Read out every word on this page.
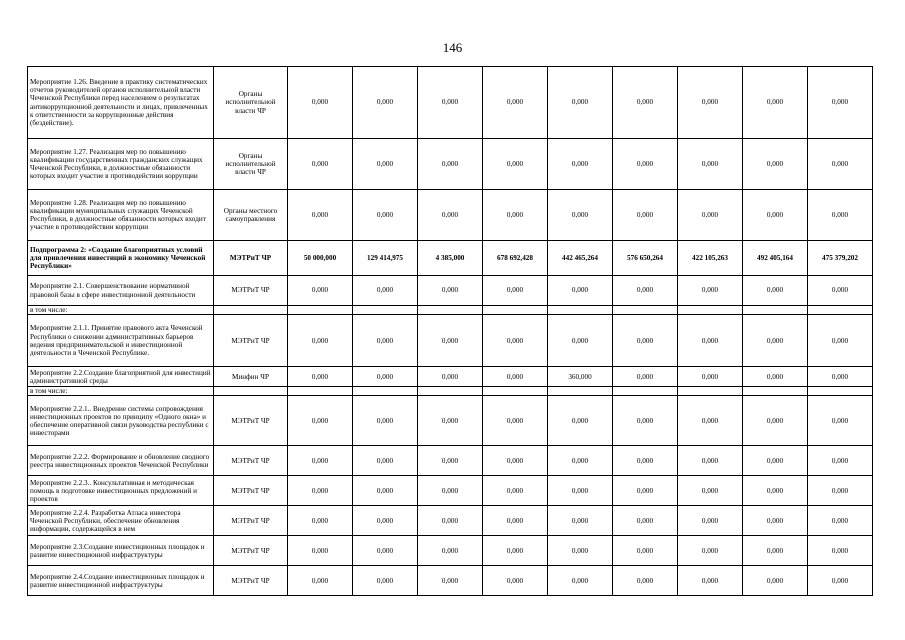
146
Мероприятие 1.26. Введение в практику систематических отчетов руководителей органов исполнительной власти Чеченской Республики перед населением о результатах антикоррупционной деятельности и лицах, привлеченных к ответственности за коррупционные действия (бездействие).	Органы исполнительной власти ЧР	0,000	0,000	0,000	0,000	0,000	0,000	0,000	0,000	0,000
Мероприятие 1.27. Реализация мер по повышению квалификации государственных гражданских служащих Чеченской Республики, в должностные обязанности которых входит участие в противодействии коррупции	Органы исполнительной власти ЧР	0,000	0,000	0,000	0,000	0,000	0,000	0,000	0,000	0,000
Мероприятие 1.28. Реализация мер по повышению квалификации муниципальных служащих Чеченской Республики, в должностные обязанности которых входит участие в противодействии коррупции	Органы местного самоуправления	0,000	0,000	0,000	0,000	0,000	0,000	0,000	0,000	0,000
Подпрограмма 2: «Создание благоприятных условий для привлечения инвестиций в экономику Чеченской Республики»	МЭТРиТ ЧР	50 000,000	129 414,975	4 385,000	678 692,428	442 465,264	576 650,264	422 105,263	492 405,164	475 379,202
Мероприятие 2.1. Совершенствование нормативной правовой базы в сфере инвестиционной деятельности	МЭТРиТ ЧР	0,000	0,000	0,000	0,000	0,000	0,000	0,000	0,000	0,000
в том числе:										
Мероприятие 2.1.1. Принятие правового акта Чеченской Республики о снижении административных барьеров ведения предпринимательской и инвестиционной деятельности в Чеченской Республике.	МЭТРиТ ЧР	0,000	0,000	0,000	0,000	0,000	0,000	0,000	0,000	0,000
Мероприятие 2.2.Создание благоприятной для инвестиций административной среды	Минфин ЧР	0,000	0,000	0,000	0,000	360,000	0,000	0,000	0,000	0,000
в том числе:										
Мероприятие 2.2.1.. Внедрение системы сопровождения инвестиционных проектов по принципу «Одного окна» и обеспечение оперативной связи руководства республики с инвесторами	МЭТРиТ ЧР	0,000	0,000	0,000	0,000	0,000	0,000	0,000	0,000	0,000
Мероприятие 2.2.2. Формирование и обновление сводного реестра инвестиционных проектов Чеченской Республики	МЭТРиТ ЧР	0,000	0,000	0,000	0,000	0,000	0,000	0,000	0,000	0,000
Мероприятие 2.2.3.. Консультативная и методическая помощь в подготовке инвестиционных предложений и проектов	МЭТРиТ ЧР	0,000	0,000	0,000	0,000	0,000	0,000	0,000	0,000	0,000
Мероприятие 2.2.4. Разработка Атласа инвестора Чеченской Республики, обеспечение обновления информации, содержащейся в нем	МЭТРиТ ЧР	0,000	0,000	0,000	0,000	0,000	0,000	0,000	0,000	0,000
Мероприятие 2.3.Создание инвестиционных площадок и развитие инвестиционной инфраструктуры	МЭТРиТ ЧР	0,000	0,000	0,000	0,000	0,000	0,000	0,000	0,000	0,000
Мероприятие 2.4.Создание инвестиционных площадок и развитие инвестиционной инфраструктуры	МЭТРиТ ЧР	0,000	0,000	0,000	0,000	0,000	0,000	0,000	0,000	0,000
